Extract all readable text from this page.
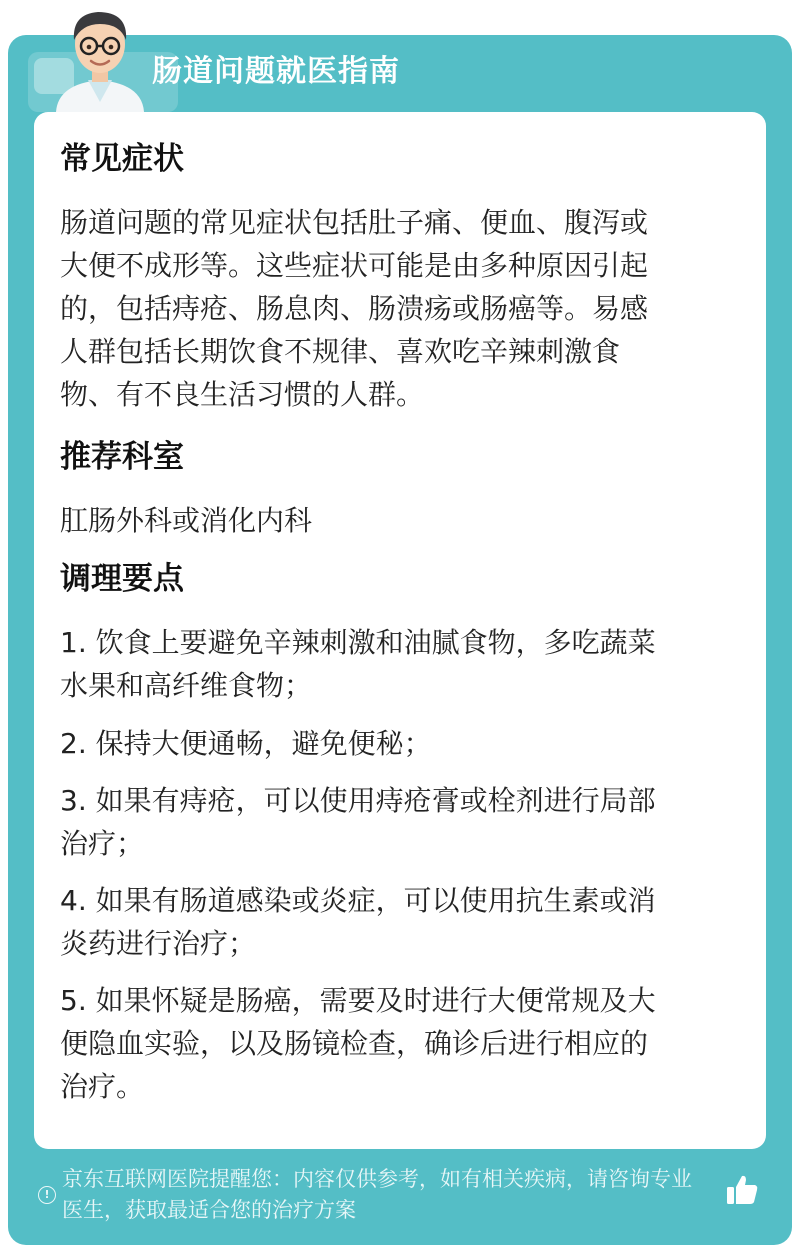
肠道问题就医指南
常见症状

肠道问题的常见症状包括肚子痛、便血、腹泻或

大便不成形等。这些症状可能是由多种原因引起

的，包括痔疮、肠息肉、肠溃疡或肠癌等。易感

人群包括长期饮食不规律、喜欢吃辛辣刺激食

物、有不良生活习惯的人群。

推荐科室

肛肠外科或消化内科

调理要点

1. 饮食上要避免辛辣刺激和油腻食物，多吃蔬菜

水果和高纤维食物；

2. 保持大便通畅，避免便秘；

3. 如果有痔疮，可以使用痔疮膏或栓剂进行局部

治疗；

4. 如果有肠道感染或炎症，可以使用抗生素或消

炎药进行治疗；

5. 如果怀疑是肠癌，需要及时进行大便常规及大

便隐血实验，以及肠镜检查，确诊后进行相应的

治疗。

!
京东互联网医院提醒您：内容仅供参考，如有相关疾病，请咨询专业
医生，获取最适合您的治疗方案
